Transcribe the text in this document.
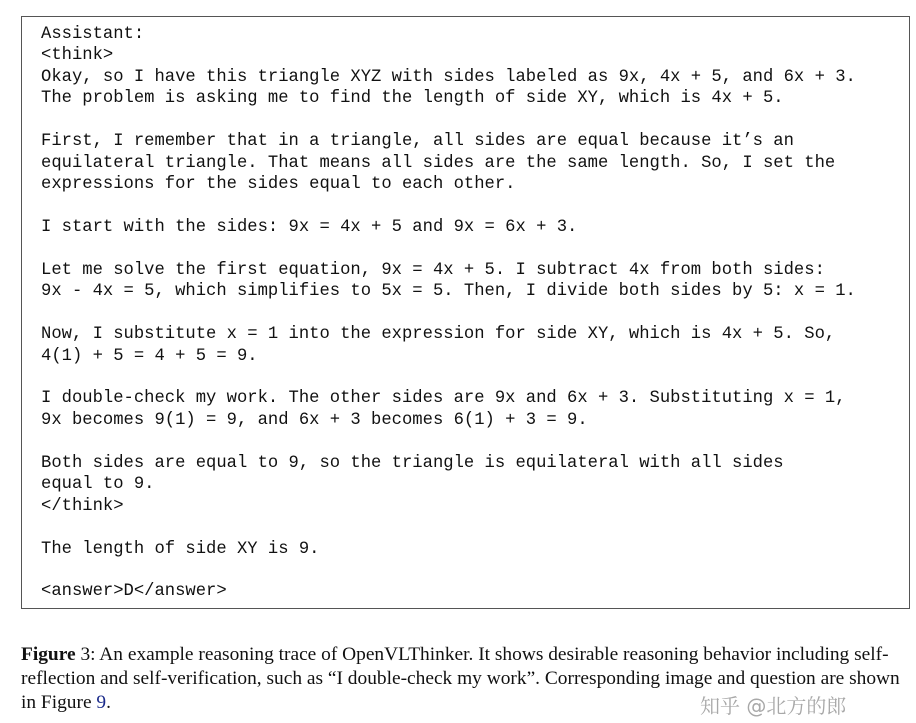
Assistant:
<think>
Okay, so I have this triangle XYZ with sides labeled as 9x, 4x + 5, and 6x + 3.
The problem is asking me to find the length of side XY, which is 4x + 5.
First, I remember that in a triangle, all sides are equal because it’s an
equilateral triangle. That means all sides are the same length. So, I set the
expressions for the sides equal to each other.
I start with the sides: 9x = 4x + 5 and 9x = 6x + 3.
Let me solve the first equation, 9x = 4x + 5. I subtract 4x from both sides:
9x - 4x = 5, which simplifies to 5x = 5. Then, I divide both sides by 5: x = 1.
Now, I substitute x = 1 into the expression for side XY, which is 4x + 5. So,
4(1) + 5 = 4 + 5 = 9.
I double-check my work. The other sides are 9x and 6x + 3. Substituting x = 1,
9x becomes 9(1) = 9, and 6x + 3 becomes 6(1) + 3 = 9.
Both sides are equal to 9, so the triangle is equilateral with all sides
equal to 9.
</think>
The length of side XY is 9.
<answer>D</answer>
Figure 3: An example reasoning trace of OpenVLThinker. It shows desirable reasoning behavior including self-reflection and self-verification, such as “I double-check my work”. Corresponding image and question are shown in Figure 9.	知乎 @北方的郎
